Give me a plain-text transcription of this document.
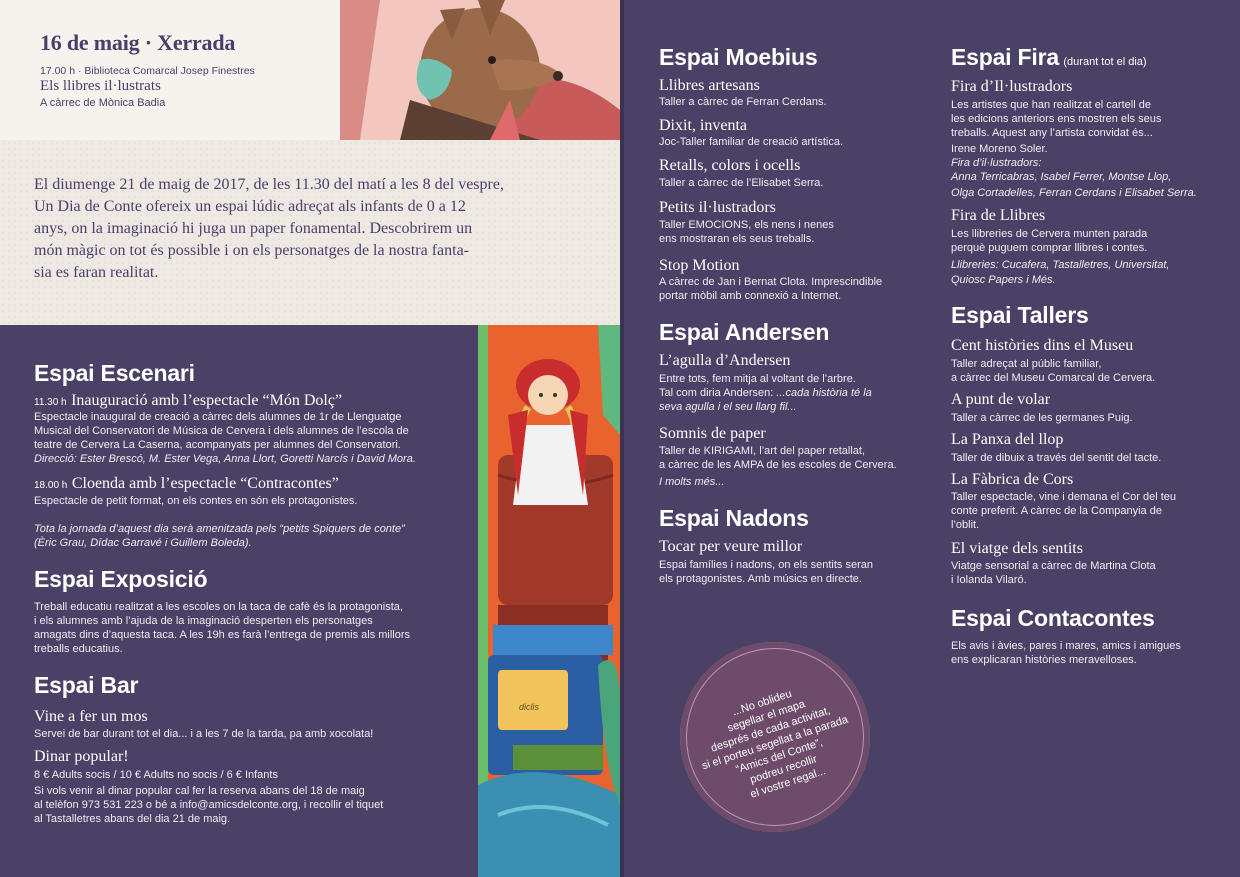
diclis
16 de maig · Xerrada
17.00 h · Biblioteca Comarcal Josep Finestres
Els llibres il·lustrats
A càrrec de Mònica Badia
El diumenge 21 de maig de 2017, de les 11.30 del matí a les 8 del vespre,
Un Dia de Conte ofereix un espai lúdic adreçat als infants de 0 a 12
anys, on la imaginació hi juga un paper fonamental. Descobrirem un
món màgic on tot és possible i on els personatges de la nostra fanta-
sia es faran realitat.
Espai Escenari
11.30 h Inauguració amb l’espectacle “Món Dolç”
Espectacle inaugural de creació a càrrec dels alumnes de 1r de Llenguatge
Musical del Conservatori de Música de Cervera i dels alumnes de l’escola de
teatre de Cervera La Caserna, acompanyats per alumnes del Conservatori.
Direcció: Ester Brescó, M. Ester Vega, Anna Llort, Goretti Narcís i David Mora.
18.00 h Cloenda amb l’espectacle “Contracontes”
Espectacle de petit format, on els contes en són els protagonistes.
Tota la jornada d’aquest dia serà amenitzada pels “petits Spiquers de conte”
(Èric Grau, Dídac Garravé i Guillem Boleda).
Espai Exposició
Treball educatiu realitzat a les escoles on la taca de cafè és la protagonista,
i els alumnes amb l’ajuda de la imaginació desperten els personatges
amagats dins d’aquesta taca. A les 19h es farà l’entrega de premis als millors
treballs educatius.
Espai Bar
Vine a fer un mos
Servei de bar durant tot el dia... i a les 7 de la tarda, pa amb xocolata!
Dinar popular!
8 € Adults socis / 10 € Adults no socis / 6 € Infants
Si vols venir al dinar popular cal fer la reserva abans del 18 de maig
al telèfon 973 531 223 o bé a info@amicsdelconte.org, i recollir el tiquet
al Tastalletres abans del dia 21 de maig.
Espai Moebius
Llibres artesans
Taller a càrrec de Ferran Cerdans.
Dixit, inventa
Joc-Taller familiar de creació artística.
Retalls, colors i ocells
Taller a càrrec de l’Elisabet Serra.
Petits il·lustradors
Taller EMOCIONS, els nens i nenes
ens mostraran els seus treballs.
Stop Motion
A càrrec de Jan i Bernat Clota. Imprescindible
portar mòbil amb connexió a Internet.
Espai Andersen
L’agulla d’Andersen
Entre tots, fem mitja al voltant de l’arbre.
Tal com diria Andersen: ...cada història té la
seva agulla i el seu llarg fil...
Somnis de paper
Taller de KIRIGAMI, l’art del paper retallat,
a càrrec de les AMPA de les escoles de Cervera.
I molts més...
Espai Nadons
Tocar per veure millor
Espai famílies i nadons, on els sentits seran
els protagonistes. Amb músics en directe.
...No oblideu
segellar el mapa
després de cada activitat,
si el porteu segellat a la parada
“Amics del Conte”,
podreu recollir
el vostre regal...
Espai Fira (durant tot el dia)
Fira d’Il·lustradors
Les artistes que han realitzat el cartell de
les edicions anteriors ens mostren els seus
treballs. Aquest any l’artista convidat és...
Irene Moreno Soler.
Fira d’il·lustradors:
Anna Terricabras, Isabel Ferrer, Montse Llop,
Olga Cortadelles, Ferran Cerdans i Elisabet Serra.
Fira de Llibres
Les llibreries de Cervera munten parada
perquè puguem comprar llibres i contes.
Llibreries: Cucafera, Tastalletres, Universitat,
Quiosc Papers i Més.
Espai Tallers
Cent històries dins el Museu
Taller adreçat al públic familiar,
a càrrec del Museu Comarcal de Cervera.
A punt de volar
Taller a càrrec de les germanes Puig.
La Panxa del llop
Taller de dibuix a través del sentit del tacte.
La Fàbrica de Cors
Taller espectacle, vine i demana el Cor del teu
conte preferit. A càrrec de la Companyia de
l’oblit.
El viatge dels sentits
Viatge sensorial a càrrec de Martina Clota
i Iolanda Vilaró.
Espai Contacontes
Els avis i àvies, pares i mares, amics i amigues
ens explicaran històries meravelloses.
